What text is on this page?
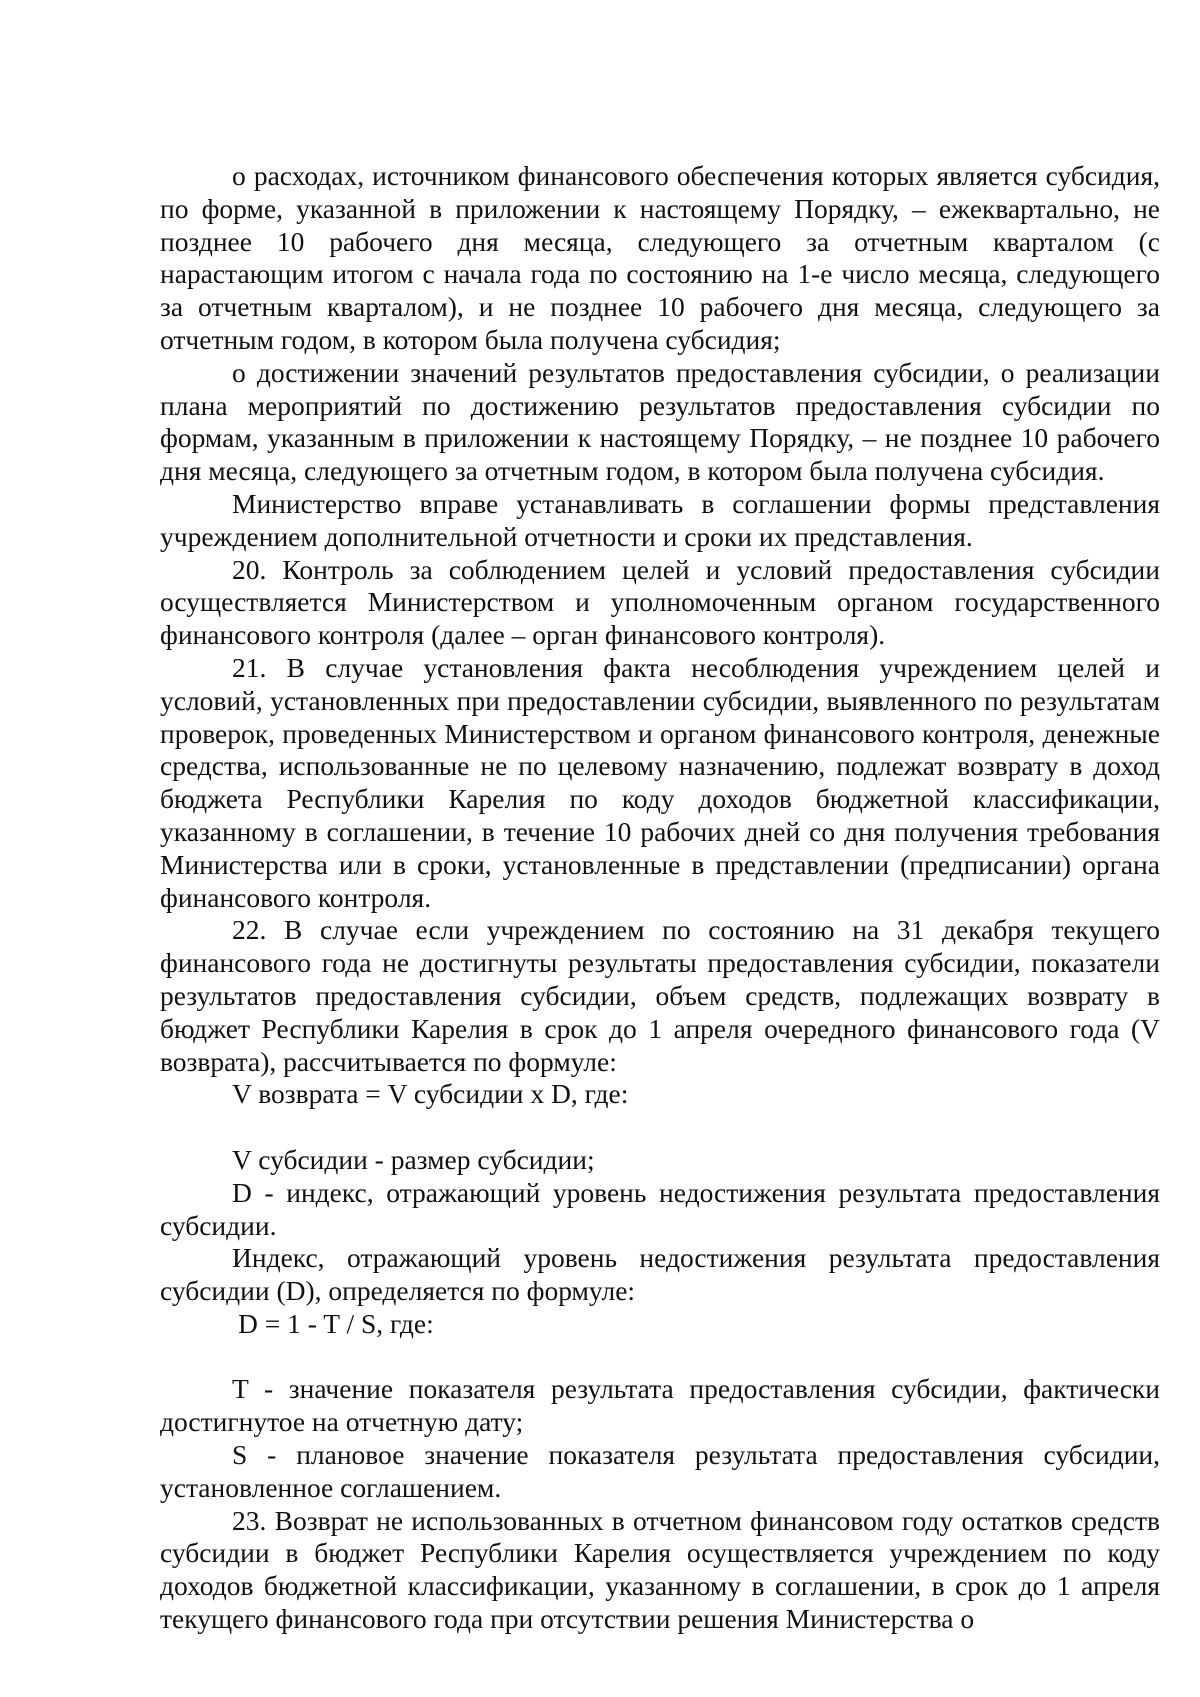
о расходах, источником финансового обеспечения которых является субсидия, по форме, указанной в приложении к настоящему Порядку, – ежеквартально, не позднее 10 рабочего дня месяца, следующего за отчетным кварталом (с нарастающим итогом с начала года по состоянию на 1-е число месяца, следующего за отчетным кварталом), и не позднее 10 рабочего дня месяца, следующего за отчетным годом, в котором была получена субсидия;

о достижении значений результатов предоставления субсидии, о реализации плана мероприятий по достижению результатов предоставления субсидии по формам, указанным в приложении к настоящему Порядку, – не позднее 10 рабочего дня месяца, следующего за отчетным годом, в котором была получена субсидия.

Министерство вправе устанавливать в соглашении формы представления учреждением дополнительной отчетности и сроки их представления.

20. Контроль за соблюдением целей и условий предоставления субсидии осуществляется Министерством и уполномоченным органом государственного финансового контроля (далее – орган финансового контроля).

21. В случае установления факта несоблюдения учреждением целей и условий, установленных при предоставлении субсидии, выявленного по результатам проверок, проведенных Министерством и органом финансового контроля, денежные средства, использованные не по целевому назначению, подлежат возврату в доход бюджета Республики Карелия по коду доходов бюджетной классификации, указанному в соглашении, в течение 10 рабочих дней со дня получения требования Министерства или в сроки, установленные в представлении (предписании) органа финансового контроля.

22. В случае если учреждением по состоянию на 31 декабря текущего финансового года не достигнуты результаты предоставления субсидии, показатели результатов предоставления субсидии, объем средств, подлежащих возврату в бюджет Республики Карелия в срок до 1 апреля очередного финансового года (V возврата), рассчитывается по формуле:

V возврата = V субсидии x D, где:

V субсидии - размер субсидии;

D - индекс, отражающий уровень недостижения результата предоставления субсидии.

Индекс, отражающий уровень недостижения результата предоставления субсидии (D), определяется по формуле:

D = 1 - T / S, где:

T - значение показателя результата предоставления субсидии, фактически достигнутое на отчетную дату;

S - плановое значение показателя результата предоставления субсидии, установленное соглашением.

23. Возврат не использованных в отчетном финансовом году остатков средств субсидии в бюджет Республики Карелия осуществляется учреждением по коду доходов бюджетной классификации, указанному в соглашении, в срок до 1 апреля текущего финансового года при отсутствии решения Министерства о
